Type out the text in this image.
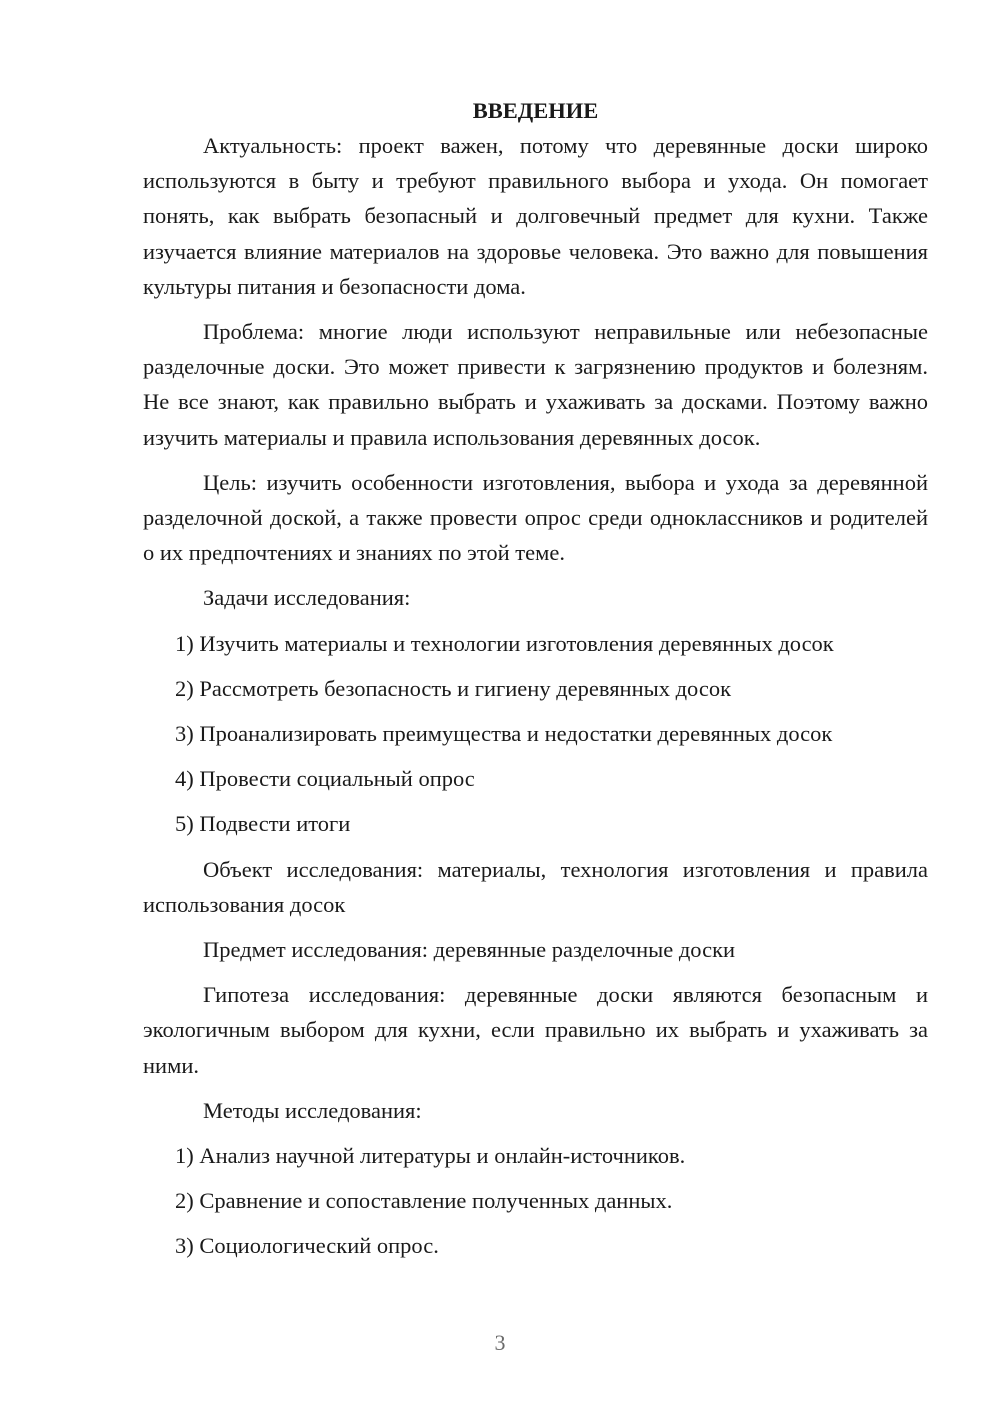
ВВЕДЕНИЕ

Актуальность: проект важен, потому что деревянные доски широко используются в быту и требуют правильного выбора и ухода. Он помогает понять, как выбрать безопасный и долговечный предмет для кухни. Также изучается влияние материалов на здоровье человека. Это важно для повышения культуры питания и безопасности дома.

Проблема: многие люди используют неправильные или небезопасные разделочные доски. Это может привести к загрязнению продуктов и болезням. Не все знают, как правильно выбрать и ухаживать за досками. Поэтому важно изучить материалы и правила использования деревянных досок.

Цель: изучить особенности изготовления, выбора и ухода за деревянной разделочной доской, а также провести опрос среди одноклассников и родителей о их предпочтениях и знаниях по этой теме.

Задачи исследования:

1) Изучить материалы и технологии изготовления деревянных досок

2) Рассмотреть безопасность и гигиену деревянных досок

3) Проанализировать преимущества и недостатки деревянных досок

4) Провести социальный опрос

5) Подвести итоги

Объект исследования: материалы, технология изготовления и правила использования досок

Предмет исследования: деревянные разделочные доски

Гипотеза исследования: деревянные доски являются безопасным и экологичным выбором для кухни, если правильно их выбрать и ухаживать за ними.

Методы исследования:

1) Анализ научной литературы и онлайн-источников.

2) Сравнение и сопоставление полученных данных.

3) Социологический опрос.

3
